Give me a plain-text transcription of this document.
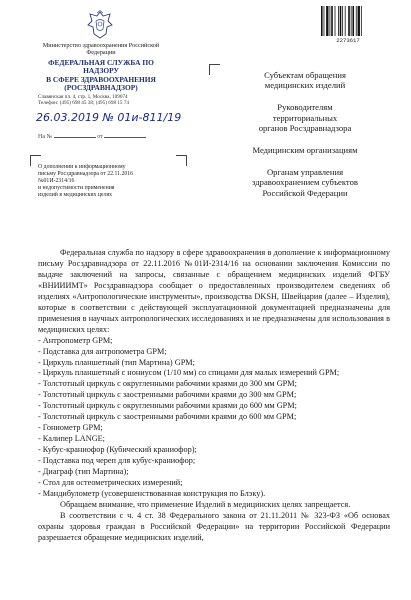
Министерство здравоохранения Российской Федерации
ФЕДЕРАЛЬНАЯ СЛУЖБА ПО НАДЗОРУ
В СФЕРЕ ЗДРАВООХРАНЕНИЯ
(РОСЗДРАВНАДЗОР)
Славянская пл. 4, стр. 1, Москва, 109074
Телефон: (495) 698 45 38; (495) 698 15 74
26.03.2019 № 01и-811/19
На №	от
О дополнении к информационному
письму Росздравнадзора от 22.11.2016
№01И-2314/16
и недопустимости применения
изделий в медицинских целях
2273617
Субъектам обращения
медицинских изделий
Руководителям
территориальных
органов Росздравнадзора
Медицинским организациям
Органам управления
здравоохранением субъектов
Российской Федерации

Федеральная служба по надзору в сфере здравоохранения в дополнение к информационному письму Росздравнадзора от 22.11.2016 №01И-2314/16 на основании заключения Комиссии по выдаче заключений на запросы, связанные с обращением медицинских изделий ФГБУ «ВНИИИМТ» Росздравнадзора сообщает о предоставленных производителем сведениях об изделиях «Антропологические инструменты», производства DKSH, Швейцария (далее – Изделия), которые в соответствии с действующей эксплуатационной документацией предназначены для применения в научных антропологических исследованиях и не предназначены для использования в медицинских целях:

- Антропометр GPM;

- Подставка для антропометра GPM;

- Циркуль планшетный (тип Мартина) GPM;

- Циркуль планшетный с нониусом (1/10 мм) со спицами для малых измерений GPM;

- Толстотный циркуль с округленными рабочими краями до 300 мм GPM;

- Толстотный циркуль с заостренными рабочими краями до 300 мм GPM;

- Толстотный циркуль с округленными рабочими краями до 600 мм GPM;

- Толстотный циркуль с заостренными рабочими краями до 600 мм GPM;

- Гониометр GPM;

- Калипер LANGE;

- Кубус-краниофор (Кубический краниофор);

- Подставка под череп для кубус-краниофор;

- Диаграф (тип Мартина);

- Стол для остеометрических измерений;

- Мандибулометр (усовершенствованная конструкция по Блэку).

Обращаем внимание, что применение Изделий в медицинских целях запрещается.

В соответствии с ч. 4 ст. 38 Федерального закона от 21.11.2011 № 323-ФЗ «Об основах охраны здоровья граждан в Российской Федерации» на территории Российской Федерации разрешается обращение медицинских изделий,
